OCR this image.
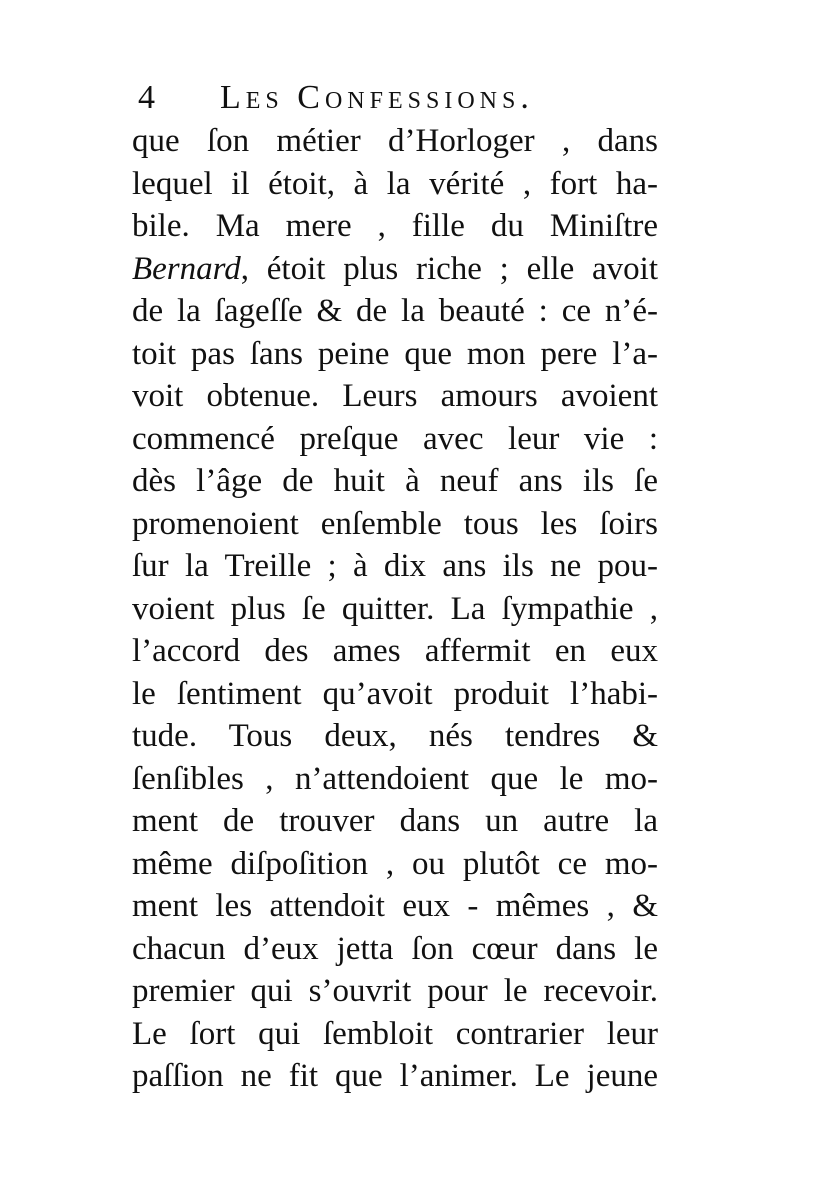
4 Les Confessions.
que ſon métier d’Horloger , dans
lequel il étoit, à la vérité , fort ha-
bile. Ma mere , fille du Miniſtre
Bernard, étoit plus riche ; elle avoit
de la ſageſſe & de la beauté : ce n’é-
toit pas ſans peine que mon pere l’a-
voit obtenue. Leurs amours avoient
commencé preſque avec leur vie :
dès l’âge de huit à neuf ans ils ſe
promenoient enſemble tous les ſoirs
ſur la Treille ; à dix ans ils ne pou-
voient plus ſe quitter. La ſympathie ,
l’accord des ames affermit en eux
le ſentiment qu’avoit produit l’habi-
tude. Tous deux, nés tendres &
ſenſibles , n’attendoient que le mo-
ment de trouver dans un autre la
même diſpoſition , ou plutôt ce mo-
ment les attendoit eux - mêmes , &
chacun d’eux jetta ſon cœur dans le
premier qui s’ouvrit pour le recevoir.
Le ſort qui ſembloit contrarier leur
paſſion ne fit que l’animer. Le jeune
